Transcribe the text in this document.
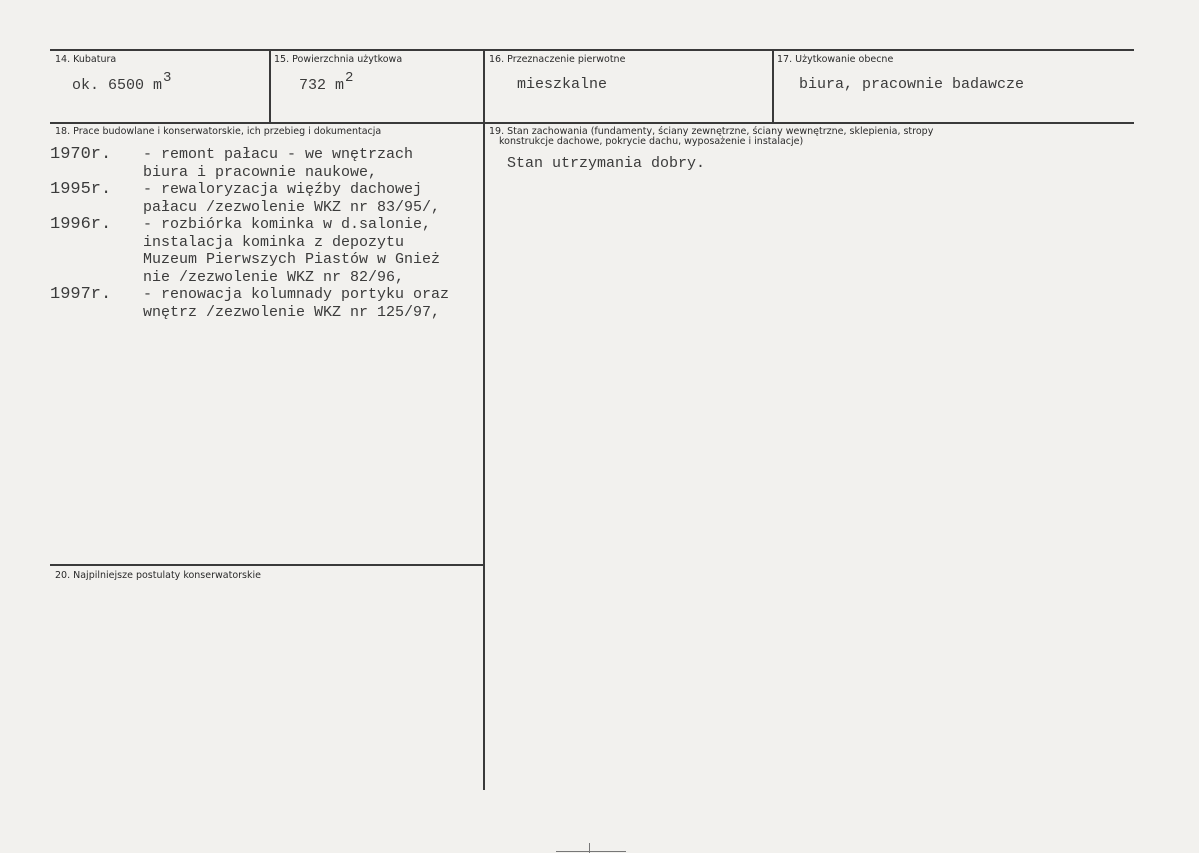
14. Kubatura
ok. 6500 m3
15. Powierzchnia użytkowa
732 m2
16. Przeznaczenie pierwotne
mieszkalne
17. Użytkowanie obecne
biura, pracownie badawcze
18. Prace budowlane i konserwatorskie, ich przebieg i dokumentacja
1970r.	- remont pałacu - we wnętrzach
biura i pracownie naukowe,
1995r.	- rewaloryzacja więźby dachowej
pałacu /zezwolenie WKZ nr 83/95/,
1996r.	- rozbiórka kominka w d.salonie,
instalacja kominka z depozytu
Muzeum Pierwszych Piastów w Gnież
nie /zezwolenie WKZ nr 82/96,
1997r.	- renowacja kolumnady portyku oraz
wnętrz /zezwolenie WKZ nr 125/97,
19. Stan zachowania (fundamenty, ściany zewnętrzne, ściany wewnętrzne, sklepienia, stropy
konstrukcje dachowe, pokrycie dachu, wyposażenie i instalacje)
Stan utrzymania dobry.
20. Najpilniejsze postulaty konserwatorskie
